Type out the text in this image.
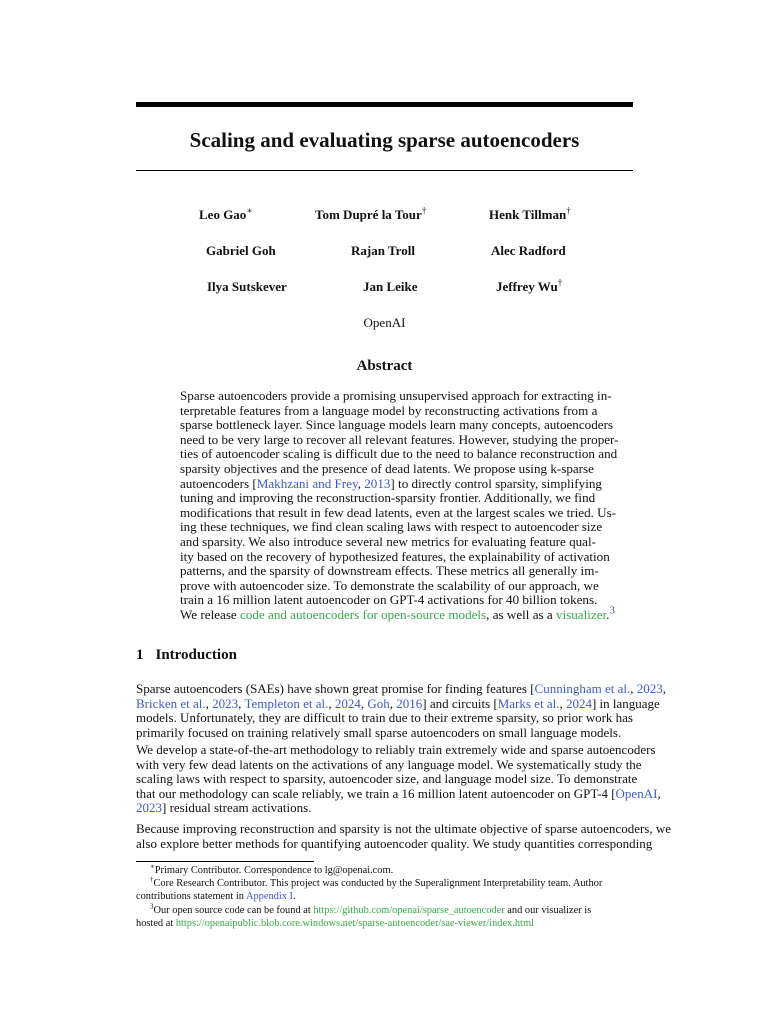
Scaling and evaluating sparse autoencoders
Leo Gao∗	Tom Dupré la Tour†	Henk Tillman†
Gabriel Goh	Rajan Troll	Alec Radford
Ilya Sutskever	Jan Leike	Jeffrey Wu†
OpenAI
Abstract
Sparse autoencoders provide a promising unsupervised approach for extracting in-
terpretable features from a language model by reconstructing activations from a
sparse bottleneck layer. Since language models learn many concepts, autoencoders
need to be very large to recover all relevant features. However, studying the proper-
ties of autoencoder scaling is difficult due to the need to balance reconstruction and
sparsity objectives and the presence of dead latents. We propose using k-sparse
autoencoders [Makhzani and Frey, 2013] to directly control sparsity, simplifying
tuning and improving the reconstruction-sparsity frontier. Additionally, we find
modifications that result in few dead latents, even at the largest scales we tried. Us-
ing these techniques, we find clean scaling laws with respect to autoencoder size
and sparsity. We also introduce several new metrics for evaluating feature qual-
ity based on the recovery of hypothesized features, the explainability of activation
patterns, and the sparsity of downstream effects. These metrics all generally im-
prove with autoencoder size. To demonstrate the scalability of our approach, we
train a 16 million latent autoencoder on GPT-4 activations for 40 billion tokens.
We release code and autoencoders for open-source models, as well as a visualizer.$^3$
1 Introduction
Sparse autoencoders (SAEs) have shown great promise for finding features [Cunningham et al., 2023,
Bricken et al., 2023, Templeton et al., 2024, Goh, 2016] and circuits [Marks et al., 2024] in language
models. Unfortunately, they are difficult to train due to their extreme sparsity, so prior work has
primarily focused on training relatively small sparse autoencoders on small language models.
We develop a state-of-the-art methodology to reliably train extremely wide and sparse autoencoders
with very few dead latents on the activations of any language model. We systematically study the
scaling laws with respect to sparsity, autoencoder size, and language model size. To demonstrate
that our methodology can scale reliably, we train a 16 million latent autoencoder on GPT-4 [OpenAI,
2023] residual stream activations.
Because improving reconstruction and sparsity is not the ultimate objective of sparse autoencoders, we
also explore better methods for quantifying autoencoder quality. We study quantities corresponding
∗Primary Contributor. Correspondence to lg@openai.com.
†Core Research Contributor. This project was conducted by the Superalignment Interpretability team. Author
contributions statement in Appendix I.
$^3$Our open source code can be found at https://github.com/openai/sparse_autoencoder and our visualizer is
hosted at https://openaipublic.blob.core.windows.net/sparse-autoencoder/sae-viewer/index.html
